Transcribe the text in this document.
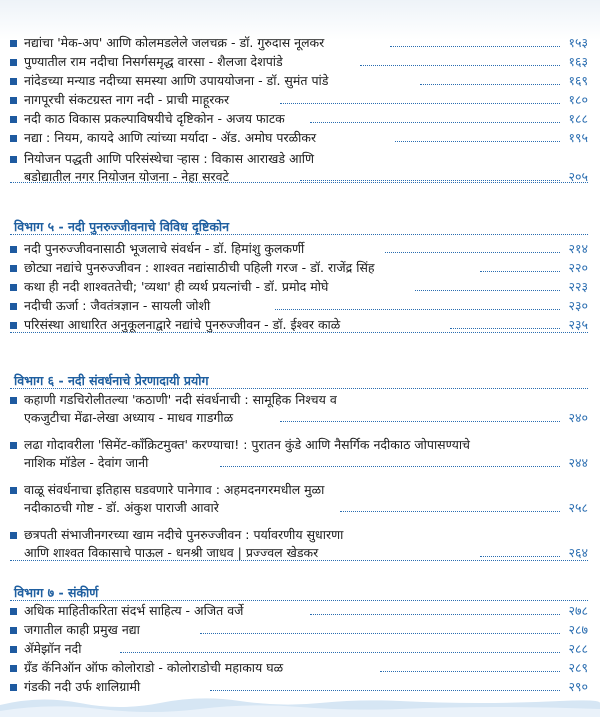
नद्यांचा 'मेक-अप' आणि कोलमडलेले जलचक्र - डॉ. गुरुदास नूलकर	१५३
पुण्यातील राम नदीचा निसर्गसमृद्ध वारसा - शैलजा देशपांडे	१६३
नांदेडच्या मन्याड नदीच्या समस्या आणि उपाययोजना - डॉ. सुमंत पांडे	१६९
नागपूरची संकटग्रस्त नाग नदी - प्राची माहूरकर	१८०
नदी काठ विकास प्रकल्पाविषयीचे दृष्टिकोन - अजय फाटक	१८८
नद्या : नियम, कायदे आणि त्यांच्या मर्यादा - ॲड. अमोघ परळीकर	१९५
नियोजन पद्धती आणि परिसंस्थेचा ऱ्हास : विकास आराखडे आणि
बडोद्यातील नगर नियोजन योजना - नेहा सरवटे	२०५
विभाग ५ - नदी पुनरुज्जीवनाचे विविध दृष्टिकोन
नदी पुनरुज्जीवनासाठी भूजलाचे संवर्धन - डॉ. हिमांशु कुलकर्णी	२१४
छोट्या नद्यांचे पुनरुज्जीवन : शाश्वत नद्यांसाठीची पहिली गरज - डॉ. राजेंद्र सिंह	२२०
कथा ही नदी शाश्वततेची; 'व्यथा' ही व्यर्थ प्रयत्नांची - डॉ. प्रमोद मोघे	२२३
नदीची ऊर्जा : जैवतंत्रज्ञान - सायली जोशी	२३०
परिसंस्था आधारित अनुकूलनाद्वारे नद्यांचे पुनरुज्जीवन - डॉ. ईश्वर काळे	२३५
विभाग ६ - नदी संवर्धनाचे प्रेरणादायी प्रयोग
कहाणी गडचिरोलीतल्या 'कठाणी' नदी संवर्धनाची : सामूहिक निश्चय व
एकजुटीचा मेंढा-लेखा अध्याय - माधव गाडगीळ	२४०
लढा गोदावरीला 'सिमेंट-कॉंक्रिटमुक्त' करण्याचा! : पुरातन कुंडे आणि नैसर्गिक नदीकाठ जोपासण्याचे
नाशिक मॉडेल - देवांग जानी	२४४
वाळू संवर्धनाचा इतिहास घडवणारे पानेगाव : अहमदनगरमधील मुळा
नदीकाठची गोष्ट - डॉ. अंकुश पाराजी आवारे	२५८
छत्रपती संभाजीनगरच्या खाम नदीचे पुनरुज्जीवन : पर्यावरणीय सुधारणा
आणि शाश्वत विकासाचे पाऊल - धनश्री जाधव | प्रज्ज्वल खेडकर	२६४
विभाग ७ - संकीर्ण
अधिक माहितीकरिता संदर्भ साहित्य - अजित वर्जे	२७८
जगातील काही प्रमुख नद्या	२८७
ॲमेझॉन नदी	२८८
ग्रँड कॅनिऑन ऑफ कोलोराडो - कोलोराडोची महाकाय घळ	२८९
गंडकी नदी उर्फ शालिग्रामी	२९०
